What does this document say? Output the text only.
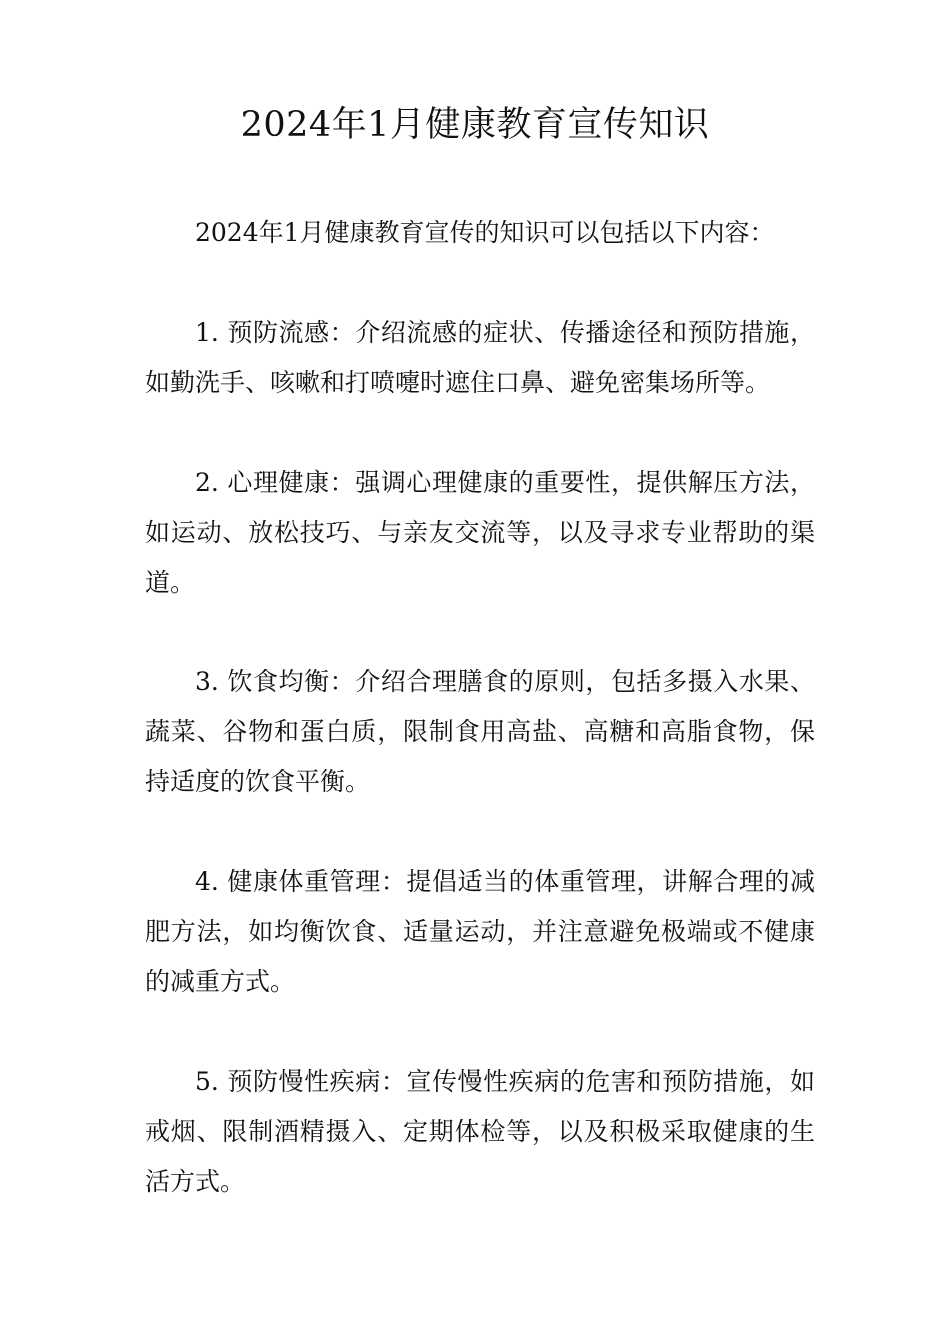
2024年1月健康教育宣传知识

2024年1月健康教育宣传的知识可以包括以下内容：

1. 预防流感：介绍流感的症状、传播途径和预防措施，如勤洗手、咳嗽和打喷嚏时遮住口鼻、避免密集场所等。

2. 心理健康：强调心理健康的重要性，提供解压方法，如运动、放松技巧、与亲友交流等，以及寻求专业帮助的渠道。

3. 饮食均衡：介绍合理膳食的原则，包括多摄入水果、蔬菜、谷物和蛋白质，限制食用高盐、高糖和高脂食物，保持适度的饮食平衡。

4. 健康体重管理：提倡适当的体重管理，讲解合理的减肥方法，如均衡饮食、适量运动，并注意避免极端或不健康的减重方式。

5. 预防慢性疾病：宣传慢性疾病的危害和预防措施，如戒烟、限制酒精摄入、定期体检等，以及积极采取健康的生活方式。
